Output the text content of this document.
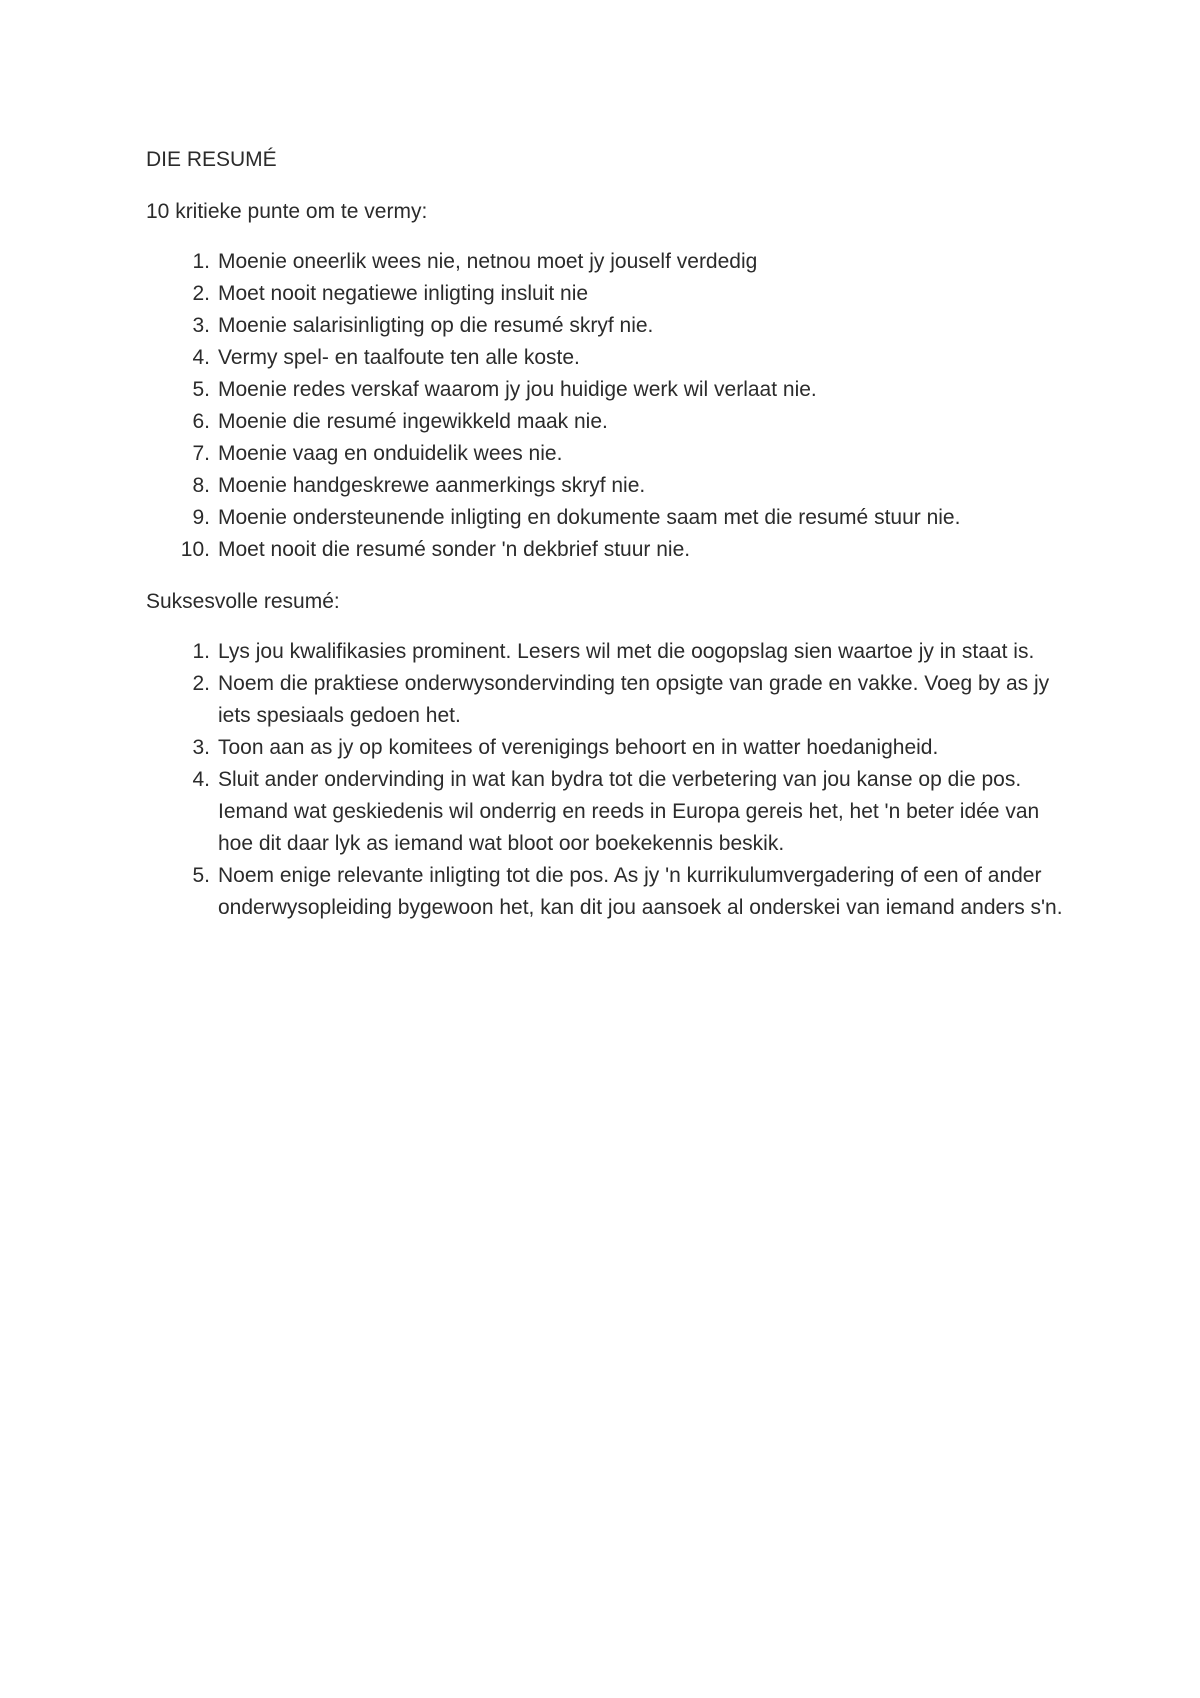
DIE RESUMÉ

10 kritieke punte om te vermy:

1. Moenie oneerlik wees nie, netnou moet jy jouself verdedig
2. Moet nooit negatiewe inligting insluit nie
3. Moenie salarisinligting op die resumé skryf nie.
4. Vermy spel- en taalfoute ten alle koste.
5. Moenie redes verskaf waarom jy jou huidige werk wil verlaat nie.
6. Moenie die resumé ingewikkeld maak nie.
7. Moenie vaag en onduidelik wees nie.
8. Moenie handgeskrewe aanmerkings skryf nie.
9. Moenie ondersteunende inligting en dokumente saam met die resumé stuur nie.
10. Moet nooit die resumé sonder 'n dekbrief stuur nie.

Suksesvolle resumé:

1. Lys jou kwalifikasies prominent. Lesers wil met die oogopslag sien waartoe jy in staat is.
2. Noem die praktiese onderwysondervinding ten opsigte van grade en vakke. Voeg by as jy iets spesiaals gedoen het.
3. Toon aan as jy op komitees of verenigings behoort en in watter hoedanigheid.
4. Sluit ander ondervinding in wat kan bydra tot die verbetering van jou kanse op die pos. Iemand wat geskiedenis wil onderrig en reeds in Europa gereis het, het 'n beter idée van hoe dit daar lyk as iemand wat bloot oor boekekennis beskik.
5. Noem enige relevante inligting tot die pos. As jy 'n kurrikulumvergadering of een of ander onderwysopleiding bygewoon het, kan dit jou aansoek al onderskei van iemand anders s'n.
